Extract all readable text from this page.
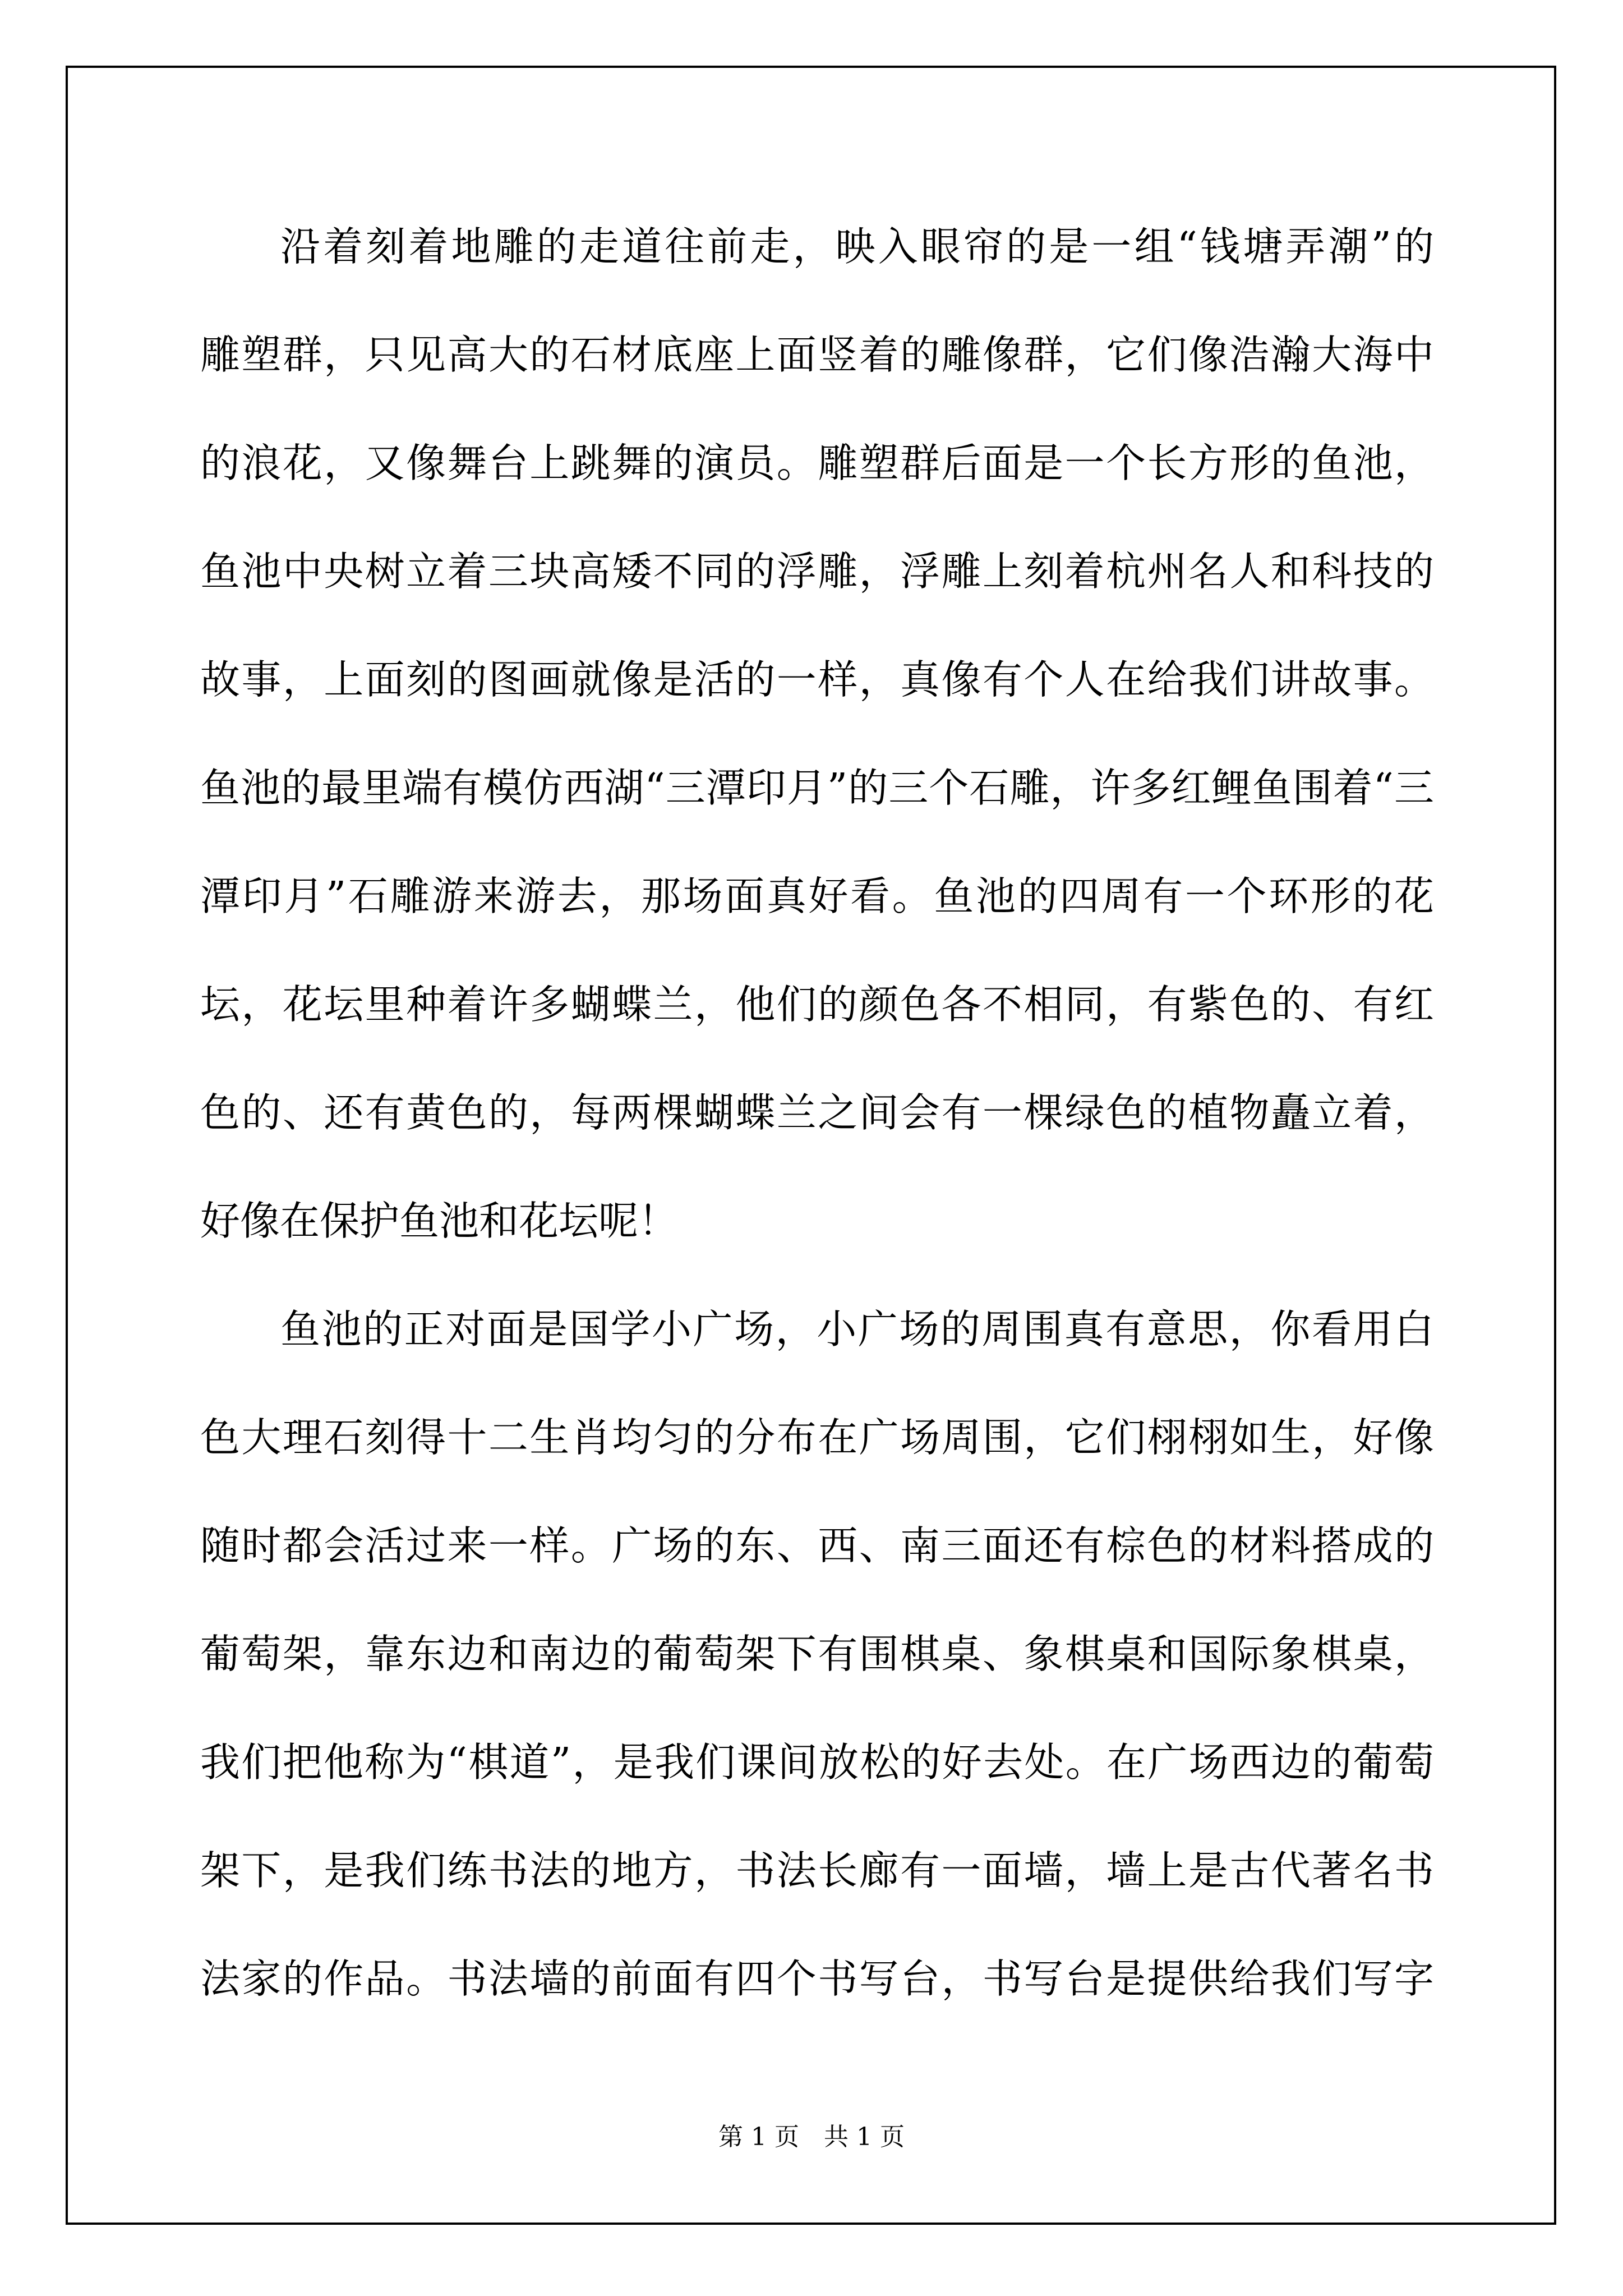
沿着刻着地雕的走道往前走，映入眼帘的是一组“钱塘弄潮”的
雕塑群，只见高大的石材底座上面竖着的雕像群，它们像浩瀚大海中
的浪花，又像舞台上跳舞的演员。雕塑群后面是一个长方形的鱼池，
鱼池中央树立着三块高矮不同的浮雕，浮雕上刻着杭州名人和科技的
故事，上面刻的图画就像是活的一样，真像有个人在给我们讲故事。
鱼池的最里端有模仿西湖“三潭印月”的三个石雕，许多红鲤鱼围着“三
潭印月”石雕游来游去，那场面真好看。鱼池的四周有一个环形的花
坛，花坛里种着许多蝴蝶兰，他们的颜色各不相同，有紫色的、有红
色的、还有黄色的，每两棵蝴蝶兰之间会有一棵绿色的植物矗立着，
好像在保护鱼池和花坛呢！
鱼池的正对面是国学小广场，小广场的周围真有意思，你看用白
色大理石刻得十二生肖均匀的分布在广场周围，它们栩栩如生，好像
随时都会活过来一样。广场的东、西、南三面还有棕色的材料搭成的
葡萄架，靠东边和南边的葡萄架下有围棋桌、象棋桌和国际象棋桌，
我们把他称为“棋道”，是我们课间放松的好去处。在广场西边的葡萄
架下，是我们练书法的地方，书法长廊有一面墙，墙上是古代著名书
法家的作品。书法墙的前面有四个书写台，书写台是提供给我们写字
第 1 页　共 1 页
